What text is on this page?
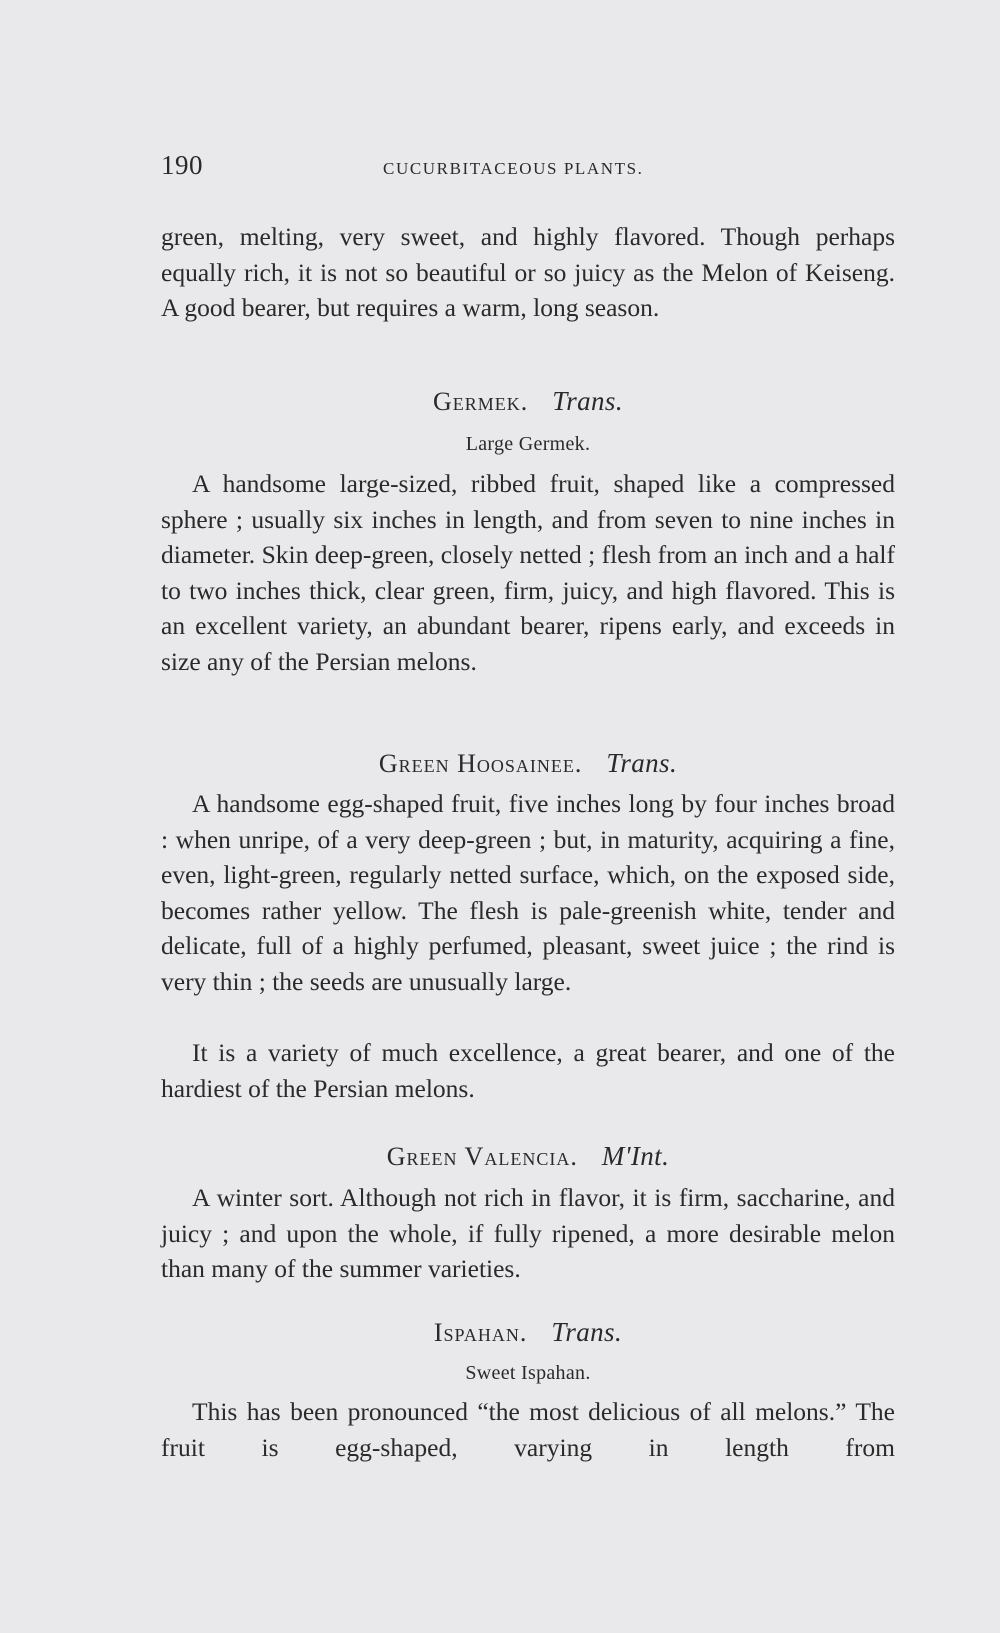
190	CUCURBITACEOUS PLANTS.

green, melting, very sweet, and highly flavored. Though perhaps equally rich, it is not so beautiful or so juicy as the Melon of Keiseng. A good bearer, but requires a warm, long season.

Germek. Trans.
Large Germek.

A handsome large-sized, ribbed fruit, shaped like a compressed sphere ; usually six inches in length, and from seven to nine inches in diameter. Skin deep-green, closely netted ; flesh from an inch and a half to two inches thick, clear green, firm, juicy, and high flavored. This is an excellent variety, an abundant bearer, ripens early, and exceeds in size any of the Persian melons.

Green Hoosainee. Trans.

A handsome egg-shaped fruit, five inches long by four inches broad : when unripe, of a very deep-green ; but, in maturity, acquiring a fine, even, light-green, regularly netted surface, which, on the exposed side, becomes rather yellow. The flesh is pale-greenish white, tender and delicate, full of a highly perfumed, pleasant, sweet juice ; the rind is very thin ; the seeds are unusually large.

It is a variety of much excellence, a great bearer, and one of the hardiest of the Persian melons.

Green Valencia. M'Int.

A winter sort. Although not rich in flavor, it is firm, saccharine, and juicy ; and upon the whole, if fully ripened, a more desirable melon than many of the summer varieties.

Ispahan. Trans.
Sweet Ispahan.

This has been pronounced “the most delicious of all melons.” The fruit is egg-shaped, varying in length from
